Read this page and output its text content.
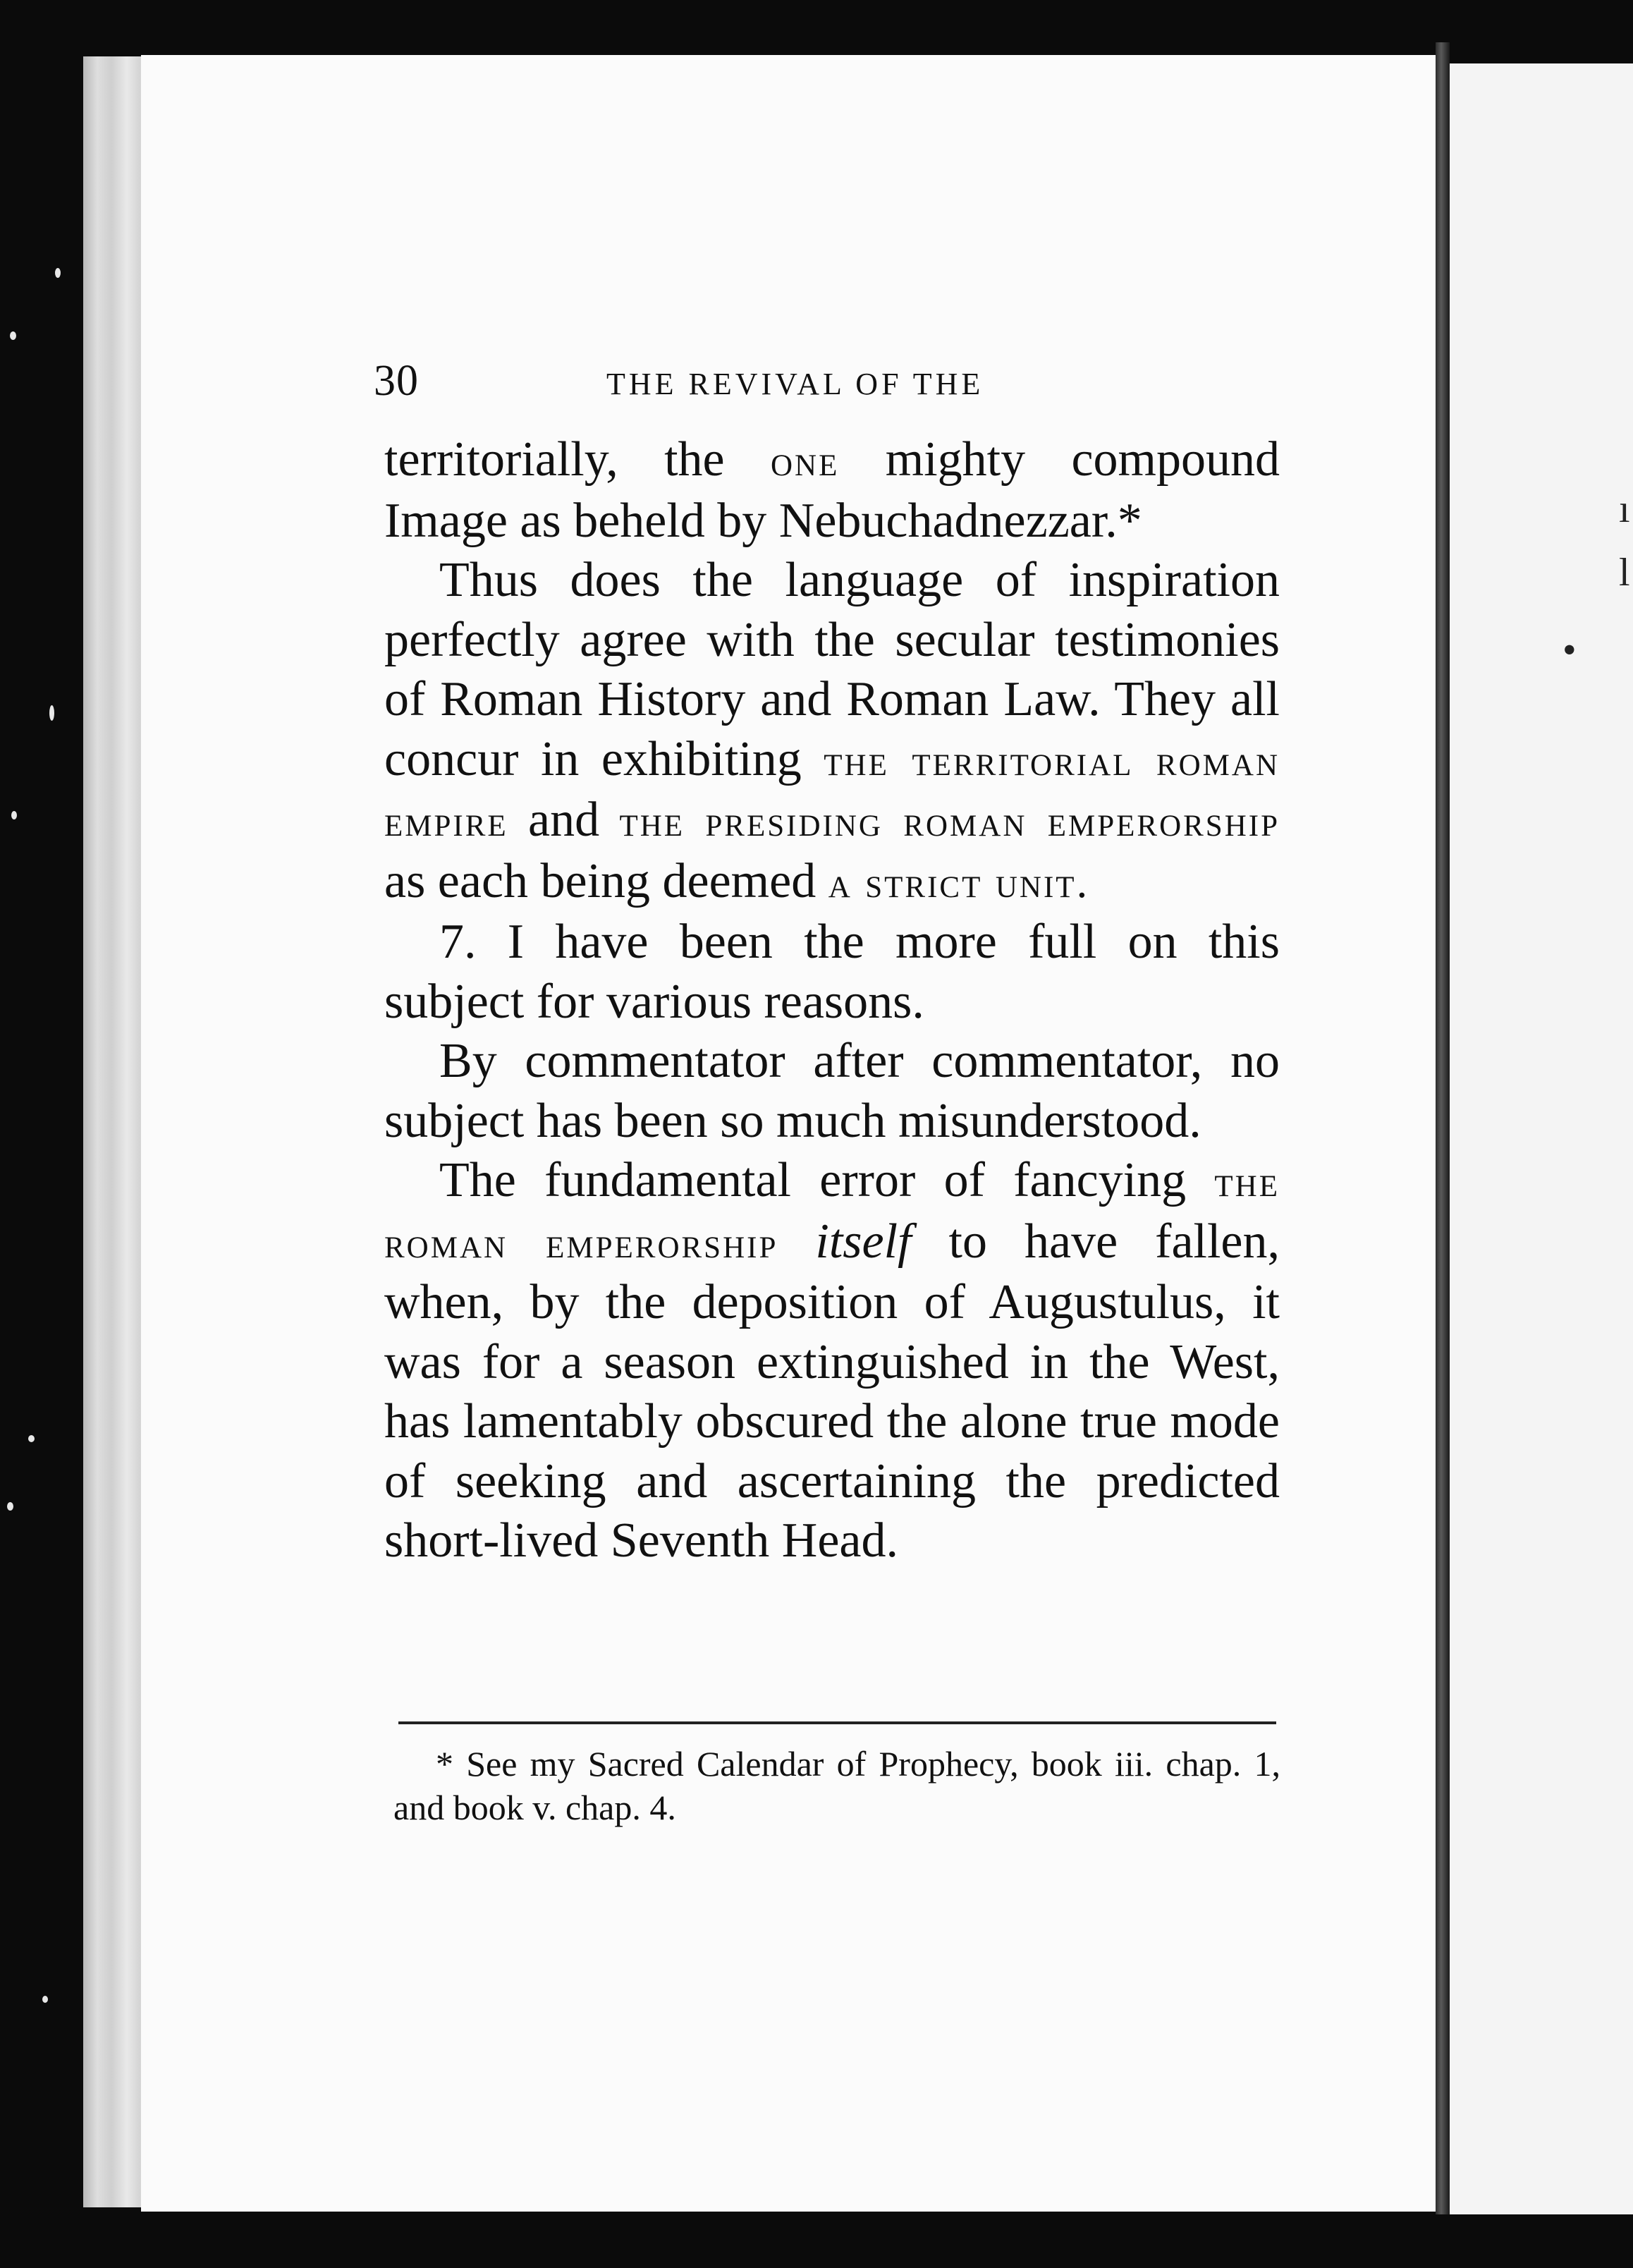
ı
l
•
30	THE REVIVAL OF THE

territorially, the one mighty compound Image as beheld by Nebuchadnezzar.*

Thus does the language of inspiration perfectly agree with the secular testimonies of Roman History and Roman Law. They all concur in exhibiting the territorial roman empire and the presiding roman emperorship as each being deemed a strict unit.

7. I have been the more full on this subject for various reasons.

By commentator after commentator, no subject has been so much misunderstood.

The fundamental error of fancying the roman emperorship itself to have fallen, when, by the deposition of Augustulus, it was for a season extinguished in the West, has lamentably obscured the alone true mode of seeking and ascertaining the predicted short-lived Seventh Head.

* See my Sacred Calendar of Prophecy, book iii. chap. 1, and book v. chap. 4.
